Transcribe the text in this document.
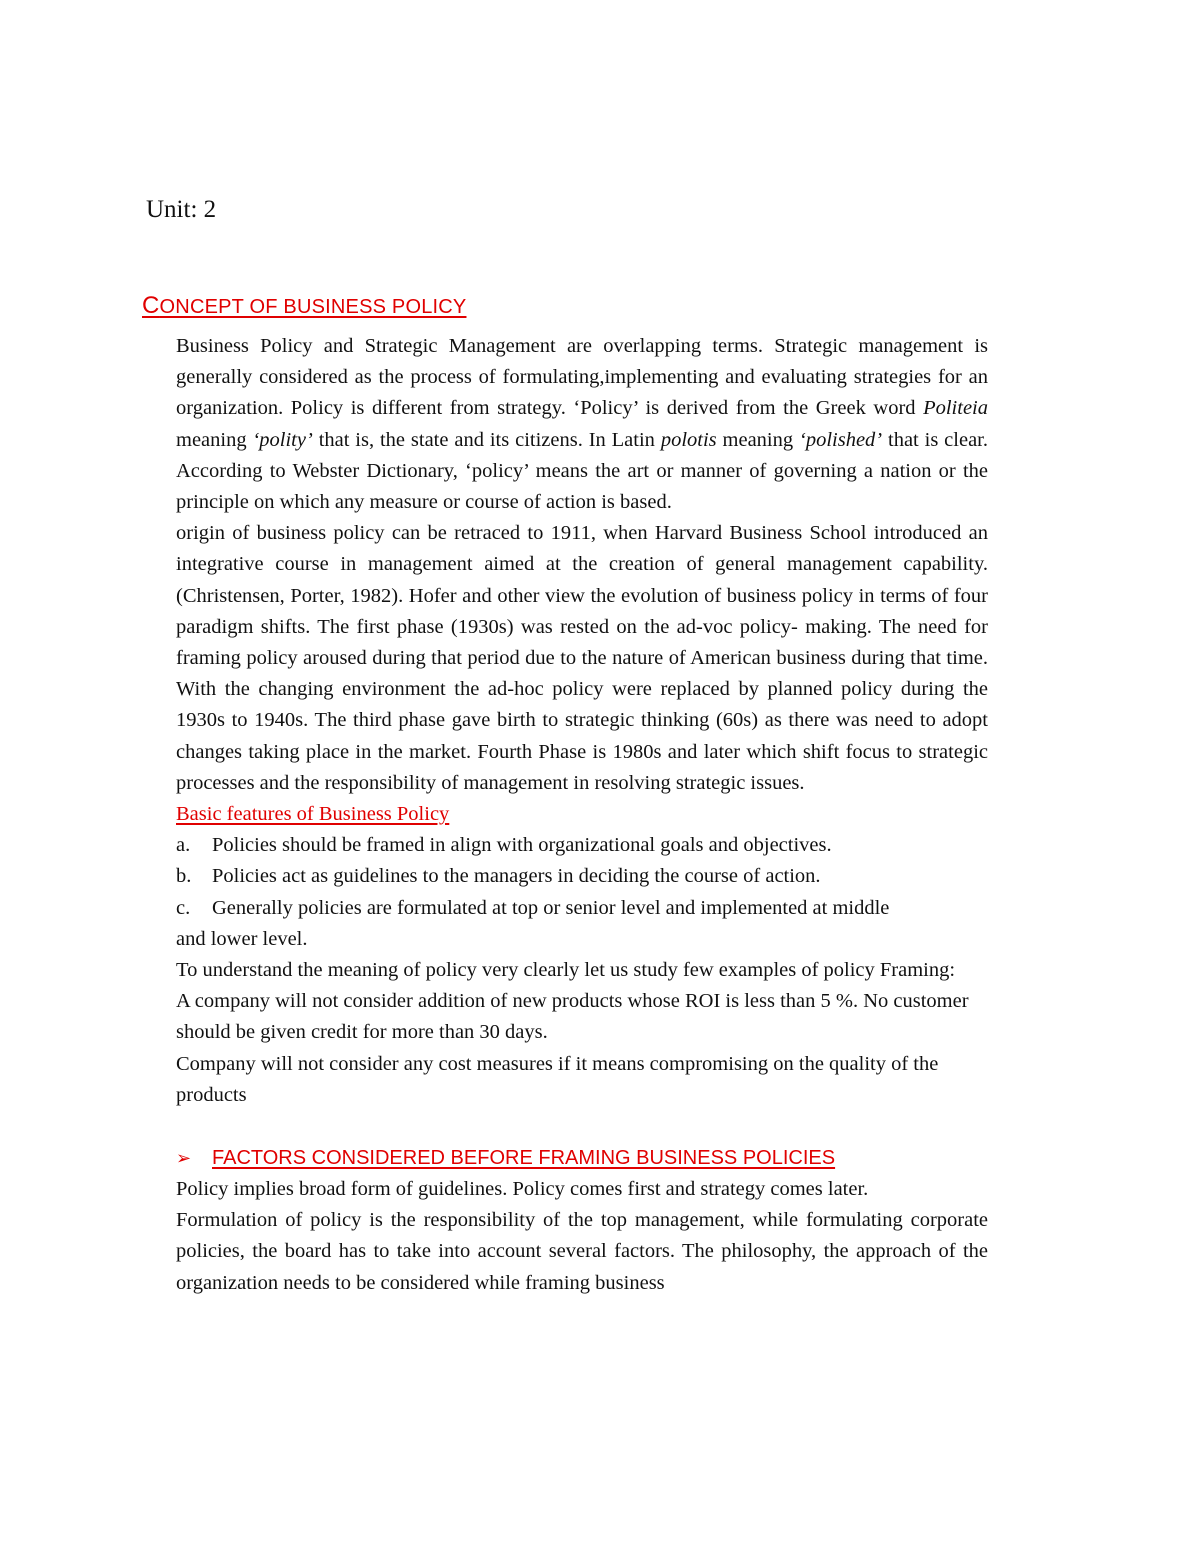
Unit: 2
CONCEPT OF BUSINESS POLICY

Business Policy and Strategic Management are overlapping terms. Strategic management is generally considered as the process of formulating,implementing and evaluating strategies for an organization. Policy is different from strategy. ‘Policy’ is derived from the Greek word Politeia meaning ‘polity’ that is, the state and its citizens. In Latin polotis meaning ‘polished’ that is clear. According to Webster Dictionary, ‘policy’ means the art or manner of governing a nation or the principle on which any measure or course of action is based.

origin of business policy can be retraced to 1911, when Harvard Business School introduced an integrative course in management aimed at the creation of general management capability. (Christensen, Porter, 1982). Hofer and other view the evolution of business policy in terms of four paradigm shifts. The first phase (1930s) was rested on the ad-voc policy- making. The need for framing policy aroused during that period due to the nature of American business during that time. With the changing environment the ad-hoc policy were replaced by planned policy during the 1930s to 1940s. The third phase gave birth to strategic thinking (60s) as there was need to adopt changes taking place in the market. Fourth Phase is 1980s and later which shift focus to strategic processes and the responsibility of management in resolving strategic issues.

Basic features of Business Policy

a.	Policies should be framed in align with organizational goals and objectives.
b.	Policies act as guidelines to the managers in deciding the course of action.
c.	Generally policies are formulated at top or senior level and implemented at middle

and lower level.

To understand the meaning of policy very clearly let us study few examples of policy Framing:

A company will not consider addition of new products whose ROI is less than 5 %. No customer should be given credit for more than 30 days.

Company will not consider any cost measures if it means compromising on the quality of the products

➢	FACTORS CONSIDERED BEFORE FRAMING BUSINESS POLICIES

Policy implies broad form of guidelines. Policy comes first and strategy comes later.

Formulation of policy is the responsibility of the top management, while formulating corporate policies, the board has to take into account several factors. The philosophy, the approach of the organization needs to be considered while framing business
